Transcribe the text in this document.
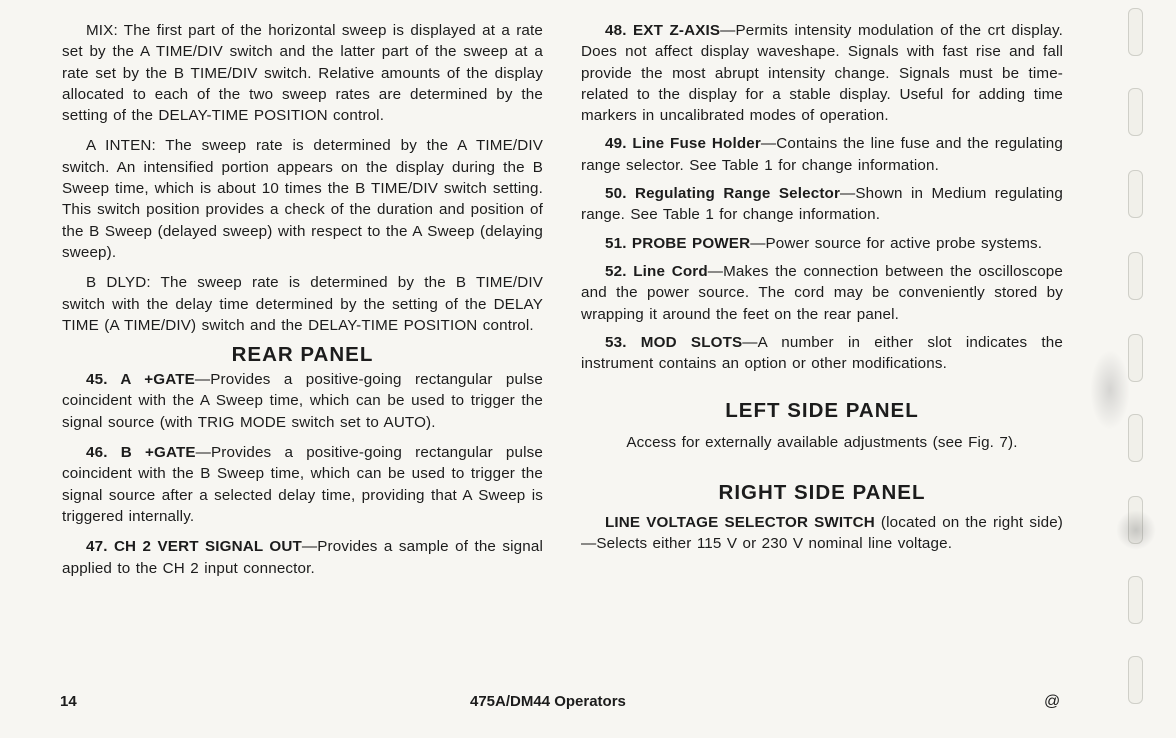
MIX: The first part of the horizontal sweep is displayed at a rate set by the A TIME/DIV switch and the latter part of the sweep at a rate set by the B TIME/DIV switch. Relative amounts of the display allocated to each of the two sweep rates are determined by the setting of the DELAY-TIME POSITION control.

A INTEN: The sweep rate is determined by the A TIME/DIV switch. An intensified portion appears on the display during the B Sweep time, which is about 10 times the B TIME/DIV switch setting. This switch position provides a check of the duration and position of the B Sweep (delayed sweep) with respect to the A Sweep (delaying sweep).

B DLYD: The sweep rate is determined by the B TIME/DIV switch with the delay time determined by the setting of the DELAY TIME (A TIME/DIV) switch and the DELAY-TIME POSITION control.

REAR PANEL

45. A +GATE—Provides a positive-going rectangular pulse coincident with the A Sweep time, which can be used to trigger the signal source (with TRIG MODE switch set to AUTO).

46. B +GATE—Provides a positive-going rectangular pulse coincident with the B Sweep time, which can be used to trigger the signal source after a selected delay time, providing that A Sweep is triggered internally.

47. CH 2 VERT SIGNAL OUT—Provides a sample of the signal applied to the CH 2 input connector.

48. EXT Z-AXIS—Permits intensity modulation of the crt display. Does not affect display waveshape. Signals with fast rise and fall provide the most abrupt intensity change. Signals must be time-related to the display for a stable display. Useful for adding time markers in uncalibrated modes of operation.

49. Line Fuse Holder—Contains the line fuse and the regulating range selector. See Table 1 for change information.

50. Regulating Range Selector—Shown in Medium regulating range. See Table 1 for change information.

51. PROBE POWER—Power source for active probe systems.

52. Line Cord—Makes the connection between the oscilloscope and the power source. The cord may be conveniently stored by wrapping it around the feet on the rear panel.

53. MOD SLOTS—A number in either slot indicates the instrument contains an option or other modifications.

LEFT SIDE PANEL

Access for externally available adjustments (see Fig. 7).

RIGHT SIDE PANEL

LINE VOLTAGE SELECTOR SWITCH (located on the right side)—Selects either 115 V or 230 V nominal line voltage.

14	475A/DM44 Operators	@
